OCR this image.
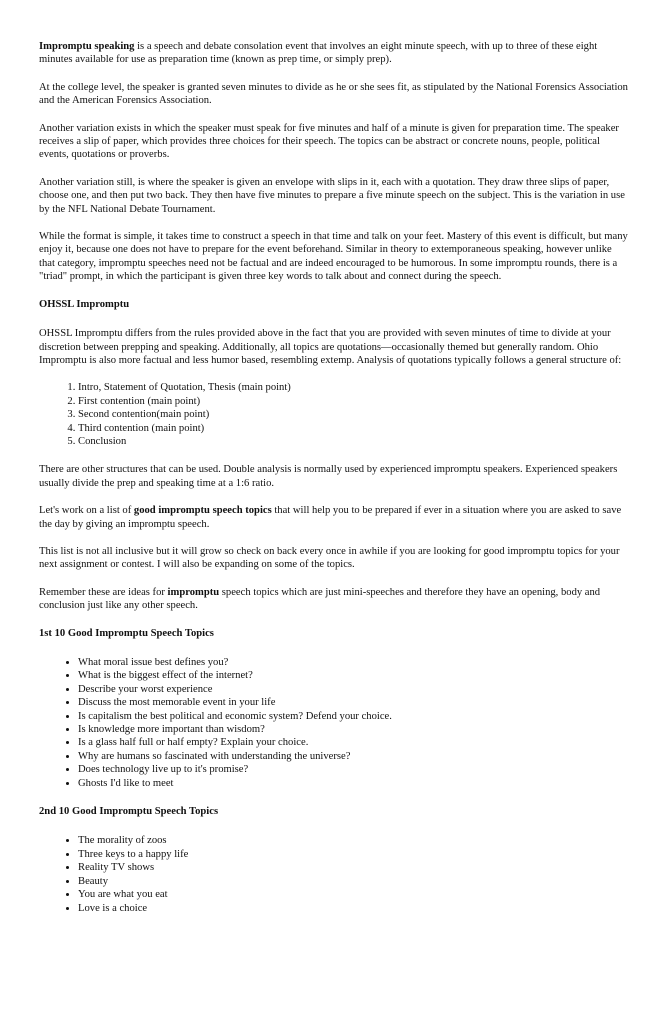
Impromptu speaking is a speech and debate consolation event that involves an eight minute speech, with up to three of these eight minutes available for use as preparation time (known as prep time, or simply prep).

At the college level, the speaker is granted seven minutes to divide as he or she sees fit, as stipulated by the National Forensics Association and the American Forensics Association.

Another variation exists in which the speaker must speak for five minutes and half of a minute is given for preparation time. The speaker receives a slip of paper, which provides three choices for their speech. The topics can be abstract or concrete nouns, people, political events, quotations or proverbs.

Another variation still, is where the speaker is given an envelope with slips in it, each with a quotation. They draw three slips of paper, choose one, and then put two back. They then have five minutes to prepare a five minute speech on the subject. This is the variation in use by the NFL National Debate Tournament.

While the format is simple, it takes time to construct a speech in that time and talk on your feet. Mastery of this event is difficult, but many enjoy it, because one does not have to prepare for the event beforehand. Similar in theory to extemporaneous speaking, however unlike that category, impromptu speeches need not be factual and are indeed encouraged to be humorous. In some impromptu rounds, there is a "triad" prompt, in which the participant is given three key words to talk about and connect during the speech.

OHSSL Impromptu

OHSSL Impromptu differs from the rules provided above in the fact that you are provided with seven minutes of time to divide at your discretion between prepping and speaking. Additionally, all topics are quotations—occasionally themed but generally random. Ohio Impromptu is also more factual and less humor based, resembling extemp. Analysis of quotations typically follows a general structure of:

1. Intro, Statement of Quotation, Thesis (main point)
2. First contention (main point)
3. Second contention(main point)
4. Third contention (main point)
5. Conclusion

There are other structures that can be used. Double analysis is normally used by experienced impromptu speakers. Experienced speakers usually divide the prep and speaking time at a 1:6 ratio.

Let's work on a list of good impromptu speech topics that will help you to be prepared if ever in a situation where you are asked to save the day by giving an impromptu speech.

This list is not all inclusive but it will grow so check on back every once in awhile if you are looking for good impromptu topics for your next assignment or contest. I will also be expanding on some of the topics.

Remember these are ideas for impromptu speech topics which are just mini-speeches and therefore they have an opening, body and conclusion just like any other speech.

1st 10 Good Impromptu Speech Topics
• What moral issue best defines you?
• What is the biggest effect of the internet?
• Describe your worst experience
• Discuss the most memorable event in your life
• Is capitalism the best political and economic system? Defend your choice.
• Is knowledge more important than wisdom?
• Is a glass half full or half empty? Explain your choice.
• Why are humans so fascinated with understanding the universe?
• Does technology live up to it's promise?
• Ghosts I'd like to meet
2nd 10 Good Impromptu Speech Topics
• The morality of zoos
• Three keys to a happy life
• Reality TV shows
• Beauty
• You are what you eat
• Love is a choice
